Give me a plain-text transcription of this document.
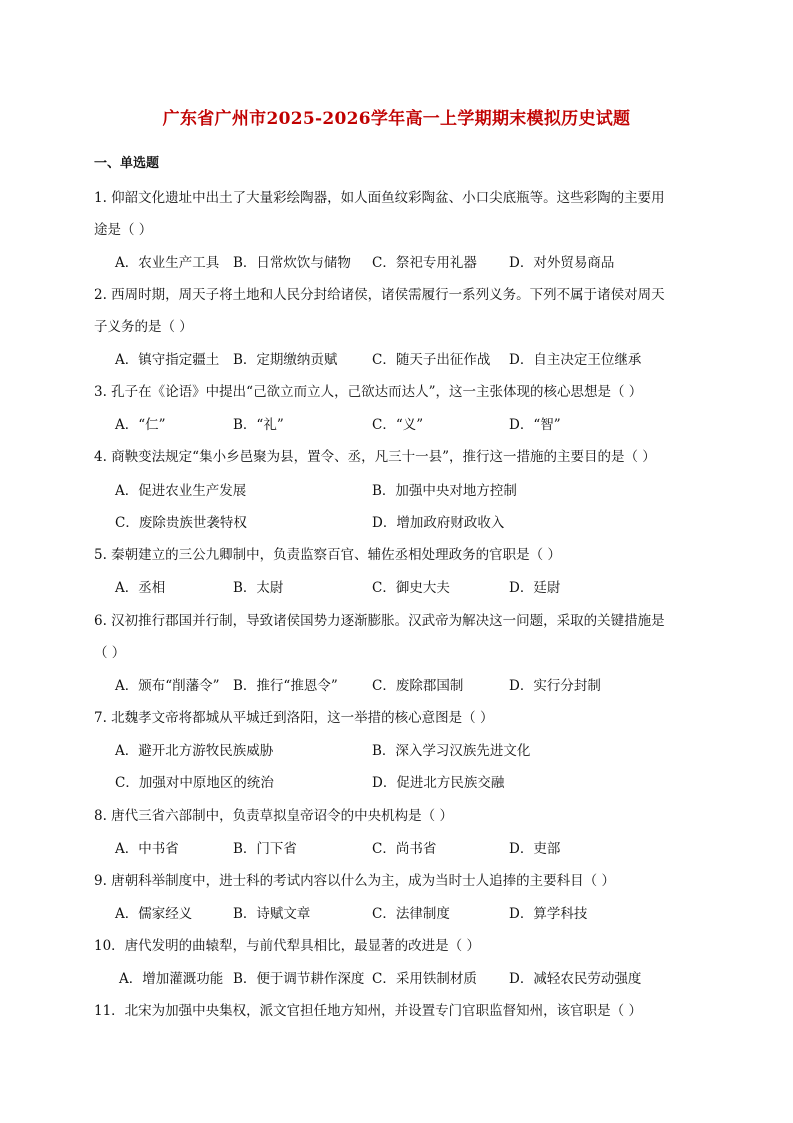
广东省广州市2025-2026学年高一上学期期末模拟历史试题
一、单选题
1. 仰韶文化遗址中出土了大量彩绘陶器，如人面鱼纹彩陶盆、小口尖底瓶等。这些彩陶的主要用
途是（ ）
A．农业生产工具 B．日常炊饮与储物 C．祭祀专用礼器 D．对外贸易商品
2. 西周时期，周天子将土地和人民分封给诸侯，诸侯需履行一系列义务。下列不属于诸侯对周天
子义务的是（ ）
A．镇守指定疆土 B．定期缴纳贡赋	C．随天子出征作战 D．自主决定王位继承
3. 孔子在《论语》中提出“己欲立而立人，己欲达而达人”，这一主张体现的核心思想是（ ）
A．“仁”	B．“礼”	C．“义”	D．“智”
4. 商鞅变法规定“集小乡邑聚为县，置令、丞，凡三十一县”，推行这一措施的主要目的是（ ）
A．促进农业生产发展	B．加强中央对地方控制
C．废除贵族世袭特权	D．增加政府财政收入
5. 秦朝建立的三公九卿制中，负责监察百官、辅佐丞相处理政务的官职是（ ）
A．丞相	B．太尉	C．御史大夫	D．廷尉
6. 汉初推行郡国并行制，导致诸侯国势力逐渐膨胀。汉武帝为解决这一问题，采取的关键措施是
（ ）
A．颁布“削藩令” B．推行“推恩令”	C．废除郡国制	D．实行分封制
7. 北魏孝文帝将都城从平城迁到洛阳，这一举措的核心意图是（ ）
A．避开北方游牧民族威胁	B．深入学习汉族先进文化
C．加强对中原地区的统治	D．促进北方民族交融
8. 唐代三省六部制中，负责草拟皇帝诏令的中央机构是（ ）
A．中书省	B．门下省	C．尚书省	D．吏部
9. 唐朝科举制度中，进士科的考试内容以什么为主，成为当时士人追捧的主要科目（ ）
A．儒家经义	B．诗赋文章	C．法律制度	D．算学科技
10．唐代发明的曲辕犁，与前代犁具相比，最显著的改进是（ ）
A．增加灌溉功能 B．便于调节耕作深度 C．采用铁制材质 D．减轻农民劳动强度
11．北宋为加强中央集权，派文官担任地方知州，并设置专门官职监督知州，该官职是（ ）
